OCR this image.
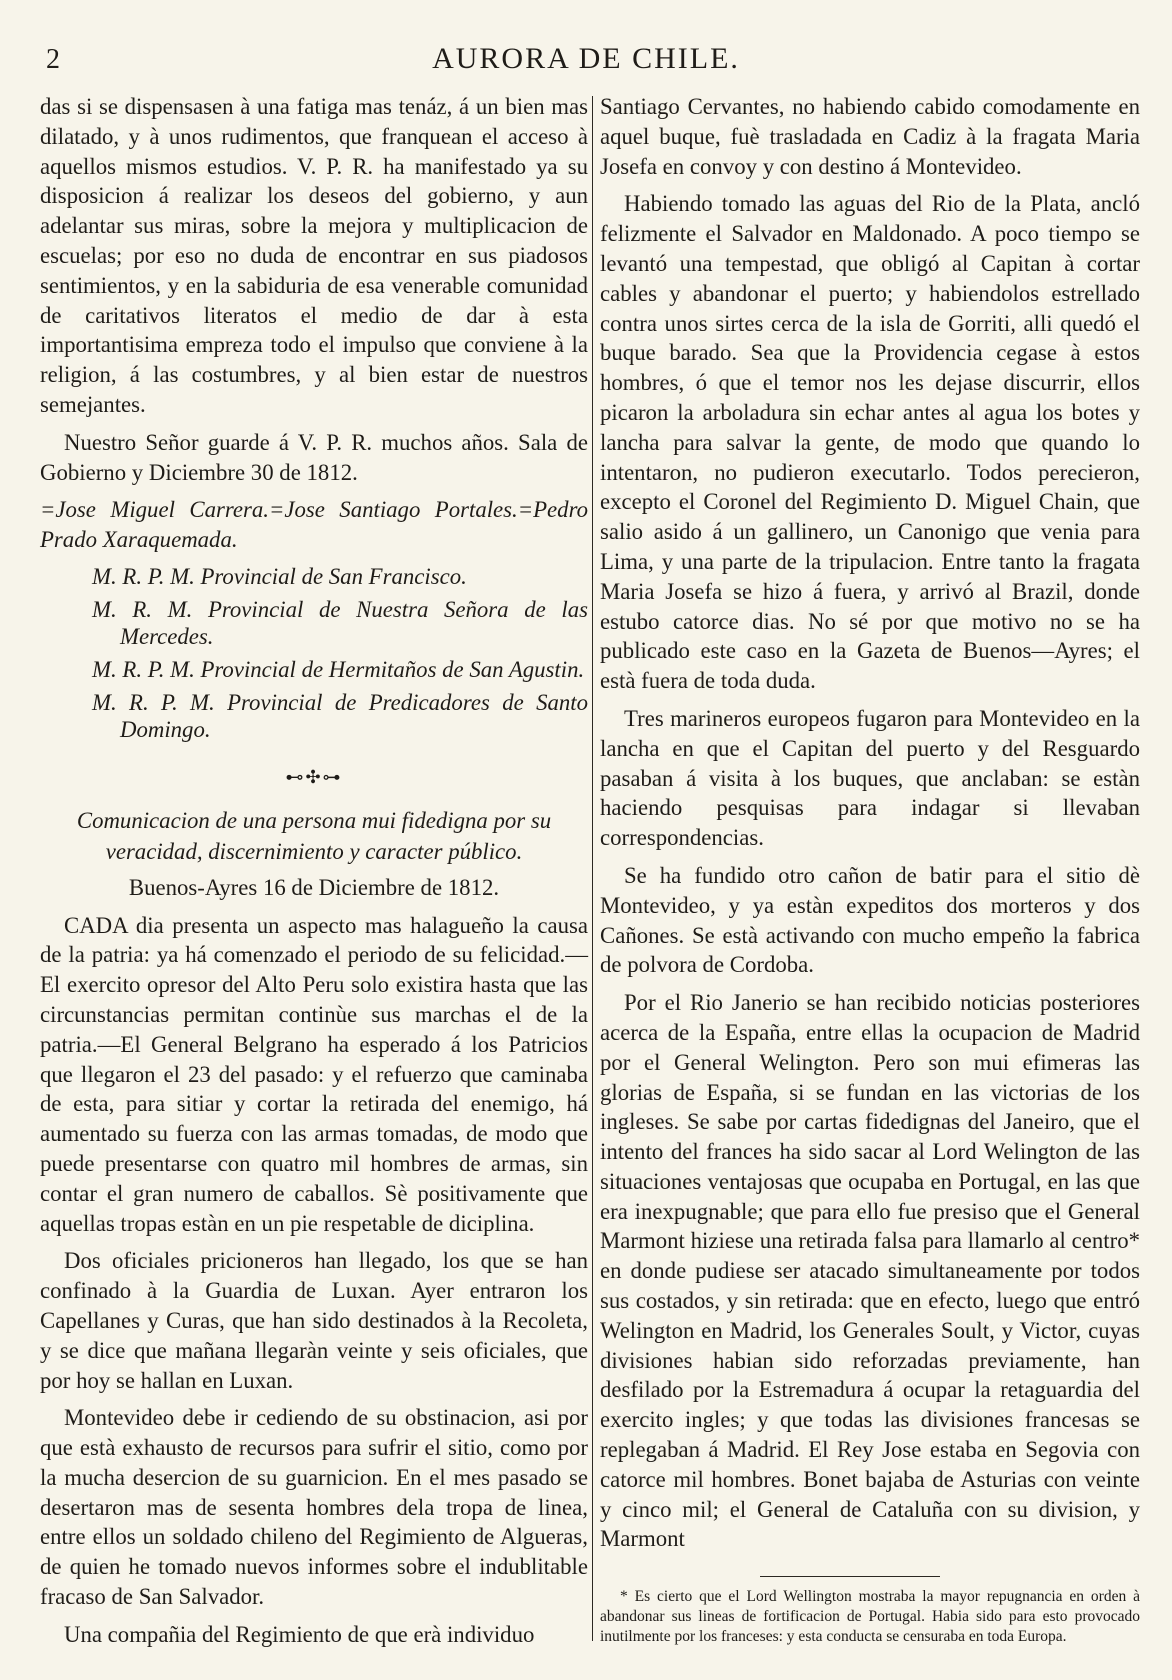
2	AURORA DE CHILE.

das si se dispensasen à una fatiga mas tenáz, á un bien mas dilatado, y à unos rudimentos, que franquean el acceso à aquellos mismos estudios. V. P. R. ha manifestado ya su disposicion á realizar los deseos del gobierno, y aun adelantar sus miras, sobre la mejora y multiplicacion de escuelas; por eso no duda de encontrar en sus piadosos sentimientos, y en la sabiduria de esa venerable comunidad de caritativos literatos el medio de dar à esta importantisima empreza todo el impulso que conviene à la religion, á las costumbres, y al bien estar de nuestros semejantes.

Nuestro Señor guarde á V. P. R. muchos años. Sala de Gobierno y Diciembre 30 de 1812.

=Jose Miguel Carrera.=Jose Santiago Portales.=Pedro Prado Xaraquemada.

M. R. P. M. Provincial de San Francisco.

M. R. M. Provincial de Nuestra Señora de las Mercedes.

M. R. P. M. Provincial de Hermitaños de San Agustin.

M. R. P. M. Provincial de Predicadores de Santo Domingo.

⊷✣⊶
Comunicacion de una persona mui fidedigna por su veracidad, discernimiento y caracter público.
Buenos-Ayres 16 de Diciembre de 1812.

CADA dia presenta un aspecto mas halagueño la causa de la patria: ya há comenzado el periodo de su felicidad.—El exercito opresor del Alto Peru solo existira hasta que las circunstancias permitan continùe sus marchas el de la patria.—El General Belgrano ha esperado á los Patricios que llegaron el 23 del pasado: y el refuerzo que caminaba de esta, para sitiar y cortar la retirada del enemigo, há aumentado su fuerza con las armas tomadas, de modo que puede presentarse con quatro mil hombres de armas, sin contar el gran numero de caballos. Sè positivamente que aquellas tropas estàn en un pie respetable de diciplina.

Dos oficiales pricioneros han llegado, los que se han confinado à la Guardia de Luxan. Ayer entraron los Capellanes y Curas, que han sido destinados à la Recoleta, y se dice que mañana llegaràn veinte y seis oficiales, que por hoy se hallan en Luxan.

Montevideo debe ir cediendo de su obstinacion, asi por que està exhausto de recursos para sufrir el sitio, como por la mucha desercion de su guarnicion. En el mes pasado se desertaron mas de sesenta hombres dela tropa de linea, entre ellos un soldado chileno del Regimiento de Algueras, de quien he tomado nuevos informes sobre el indublitable fracaso de San Salvador.

Una compañia del Regimiento de que erà individuo

Santiago Cervantes, no habiendo cabido comodamente en aquel buque, fuè trasladada en Cadiz à la fragata Maria Josefa en convoy y con destino á Montevideo.

Habiendo tomado las aguas del Rio de la Plata, ancló felizmente el Salvador en Maldonado. A poco tiempo se levantó una tempestad, que obligó al Capitan à cortar cables y abandonar el puerto; y habiendolos estrellado contra unos sirtes cerca de la isla de Gorriti, alli quedó el buque barado. Sea que la Providencia cegase à estos hombres, ó que el temor nos les dejase discurrir, ellos picaron la arboladura sin echar antes al agua los botes y lancha para salvar la gente, de modo que quando lo intentaron, no pudieron executarlo. Todos perecieron, excepto el Coronel del Regimiento D. Miguel Chain, que salio asido á un gallinero, un Canonigo que venia para Lima, y una parte de la tripulacion. Entre tanto la fragata Maria Josefa se hizo á fuera, y arrivó al Brazil, donde estubo catorce dias. No sé por que motivo no se ha publicado este caso en la Gazeta de Buenos—Ayres; el està fuera de toda duda.

Tres marineros europeos fugaron para Montevideo en la lancha en que el Capitan del puerto y del Resguardo pasaban á visita à los buques, que anclaban: se estàn haciendo pesquisas para indagar si llevaban correspondencias.

Se ha fundido otro cañon de batir para el sitio dè Montevideo, y ya estàn expeditos dos morteros y dos Cañones. Se està activando con mucho empeño la fabrica de polvora de Cordoba.

Por el Rio Janerio se han recibido noticias posteriores acerca de la España, entre ellas la ocupacion de Madrid por el General Welington. Pero son mui efimeras las glorias de España, si se fundan en las victorias de los ingleses. Se sabe por cartas fidedignas del Janeiro, que el intento del frances ha sido sacar al Lord Welington de las situaciones ventajosas que ocupaba en Portugal, en las que era inexpugnable; que para ello fue presiso que el General Marmont hiziese una retirada falsa para llamarlo al centro* en donde pudiese ser atacado simultaneamente por todos sus costados, y sin retirada: que en efecto, luego que entró Welington en Madrid, los Generales Soult, y Victor, cuyas divisiones habian sido reforzadas previamente, han desfilado por la Estremadura á ocupar la retaguardia del exercito ingles; y que todas las divisiones francesas se replegaban á Madrid. El Rey Jose estaba en Segovia con catorce mil hombres. Bonet bajaba de Asturias con veinte y cinco mil; el General de Cataluña con su division, y Marmont

* Es cierto que el Lord Wellington mostraba la mayor repugnancia en orden à abandonar sus lineas de fortificacion de Portugal. Habia sido para esto provocado inutilmente por los franceses: y esta conducta se censuraba en toda Europa.
